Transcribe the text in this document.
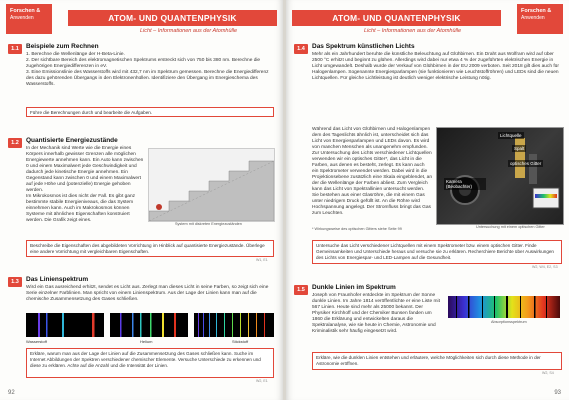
Forschen &
Anwenden	ATOM- UND QUANTENPHYSIK
Licht – Informationen aus der Atomhülle
1.1	Beispiele zum Rechnen
1. Berechne die Wellenlänge der H-Beta-Linie.
2. Der sichtbare Bereich des elektromagnetischen Spektrums erstreckt sich von 750 bis 380 nm. Berechne die zugehörigen Energiedifferenzen in eV.
3. Eine Emissionslinie des Wasserstoffs wird mit 432,7 nm im Spektrum gemessen. Berechne die Energiedifferenz des dazu gehörenden Übergangs in den Elektronenhüllen. Identifiziere den Übergang im Energieschema des Wasserstoffs.
Führe die Berechnungen durch und bearbeite die Aufgaben.
1.2	Quantisierte Energiezustände
In der Mechanik sind Werte wie die Energie eines Körpers innerhalb gewisser Grenzen alle möglichen Energiewerte annehmen kann. Ein Auto kann zwischen 0 und einem Maximalwert jede Geschwindigkeit und dadurch jede kinetische Energie annehmen. Ein Gegenstand kann zwischen 0 und einem Maximalwert auf jede Höhe und (potenzielle) Energie gehoben werden.
Im Mikrokosmos ist dies nicht der Fall. Es gibt ganz bestimmte stabile Energieniveaus, die das System einnehmen kann. Auch im Makrokosmos können Systeme mit ähnlichen Eigenschaften konstruiert werden. Die Grafik zeigt eines.
System mit diskreten Energiezuständen
Beschreibe die Eigenschaften des abgebildeten Vorrichtung im Hinblick auf quantisierte Energiezustände. Überlege eine andere Vorrichtung mit vergleichbaren Eigenschaften.
W1, E1
1.3	Das Linienspektrum
Wird ein Gas ausreichend erhitzt, sendet es Licht aus. Zerlegt man dieses Licht in seine Farben, so zeigt sich eine Serie einzelner Farblinien. Man spricht von einem Linienspektrum. Aus der Lage der Linien kann man auf die chemische Zusammensetzung des Gases schließen.
Wasserstoff	Helium	Stickstoff
Erkläre, warum man aus der Lage der Linien auf die Zusammensetzung des Gases schließen kann. Suche im Internet Abbildungen der Spektren verschiedener chemischer Elemente. Versuche Unterschiede zu erkennen und diese zu erklären. Achte auf die Anzahl und die Intensität der Linien.
W2, E1
92
Forschen &
Anwenden
ATOM- UND QUANTENPHYSIK
Licht – Informationen aus der Atomhülle
1.4	Das Spektrum künstlichen Lichts
Mehr als ein Jahrhundert beruhte die künstliche Beleuchtung auf Glühbirnen. Ein Draht aus Wolfram wird auf über 2500 °C erhitzt und beginnt zu glühen. Allerdings wird dabei nur etwa 4 % der zugeführten elektrischen Energie in Licht umgewandelt. Deshalb wurde der Verkauf von Glühbirnen in der EU 2009 verboten. Seit 2018 gilt dies auch für Halogenlampen. Sogenannte Energiesparlampen (sie funktionieren wie Leuchtstoffröhren) und LEDs sind die neuen Lichtquellen. Für gleiche Lichtleistung ist deutlich weniger elektrische Leistung nötig.
Während das Licht von Glühbirnen und Halogenlampen dem des Tageslichts ähnlich ist, unterscheidet sich das Licht von Energiesparlampen und LEDs davon. Es wird von manchen Menschen als unangenehm empfunden. Zur Untersuchung des Lichts verschiedener Lichtquellen verwenden wir ein optisches Gitter*, das Licht in die Farben, aus denen es besteht, zerlegt. Es kann auch ein Spektrometer verwendet werden. Dabei wird in die Projektionsebene zusätzlich eine Skala eingeblendet, an der die Wellenlänge der Farben abliest. Zum Vergleich kann das Licht von Spektrallinien untersucht werden. Sie bestehen aus einer Glasröhre, die mit einem Gas unter niedrigem Druck gefüllt ist. An die Röhre wird Hochspannung angelegt. Der Stromfluss bringt das Gas zum Leuchten.
Lichtquelle
Spalt
optisches Gitter
Kamera (Beobachter)
Untersuchung mit einem optischen Gitter
* Wirkungsweise des optischen Gitters siehe Seite 99
Untersuche das Licht verschiedener Lichtquellen mit einem Spektrometer bzw. einem optischen Gitter. Finde Gemeinsamkeiten und Unterschiede heraus und versuche sie zu erklären. Recherchiere Berichte über Auswirkungen des Lichts von Energiespar- und LED-Lampen auf die Gesundheit.
W2, W4, E2, S3
1.5	Dunkle Linien im Spektrum
Joseph von Fraunhofer entdeckte im Spektrum der Sonne dunkle Linien. Im Jahre 1814 veröffentlichte er eine Liste mit 567 Linien. Heute sind mehr als 25000 bekannt. Der Physiker Kirchhoff und der Chemiker Bunsen fanden um 1860 die Erklärung und entwickelten daraus die Spektralanalyse, wie sie heute in Chemie, Astronomie und Kriminalistik sehr häufig eingesetzt wird.
Absorptionsspektrum
Erkläre, wie die dunklen Linien entstehen und erläutere, welche Möglichkeiten sich durch diese Methode in der Astronomie eröffnen.
W2, S4
93
